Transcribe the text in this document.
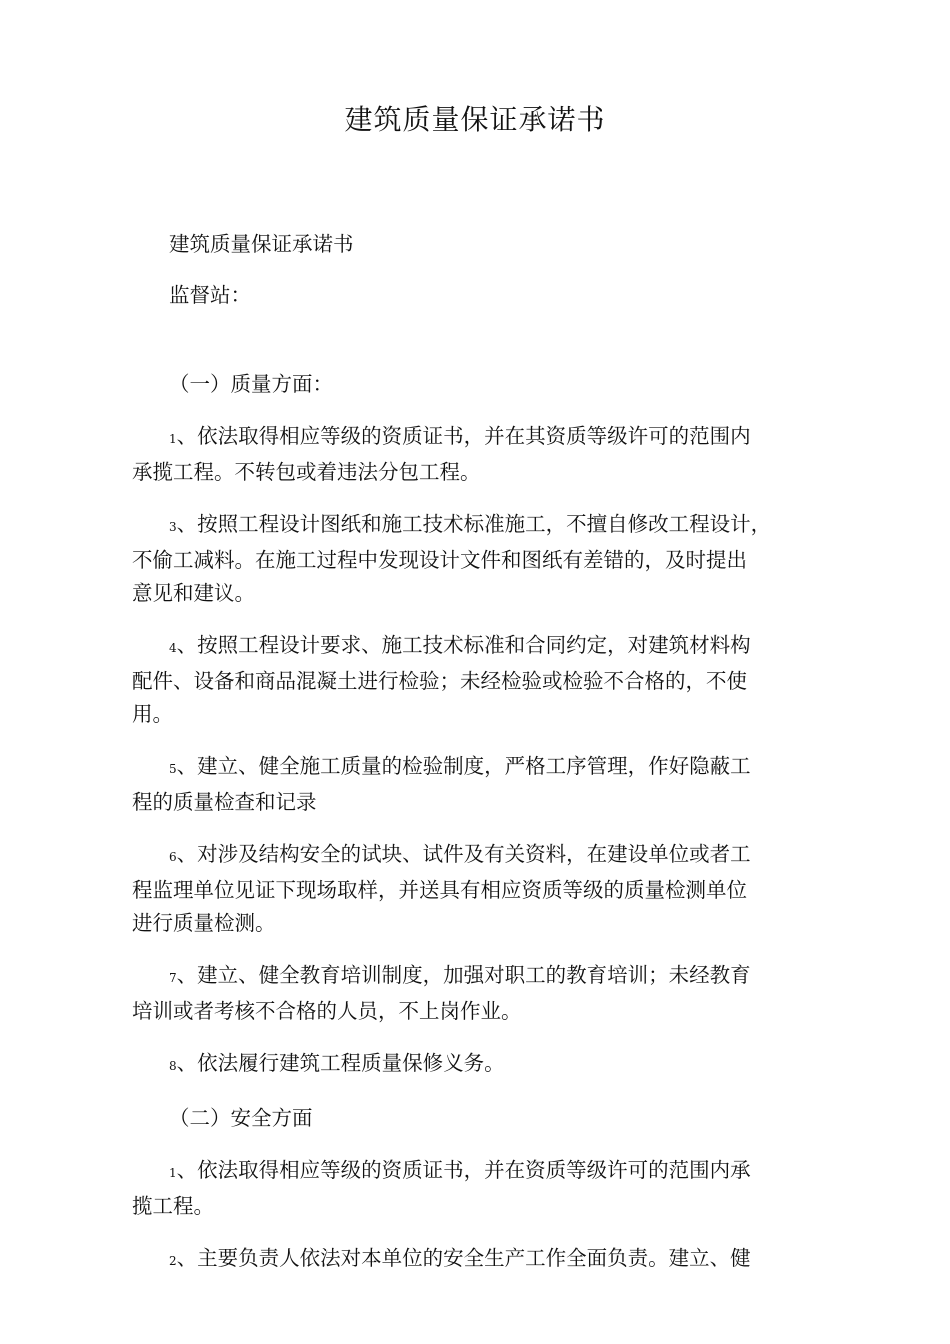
建筑质量保证承诺书

建筑质量保证承诺书

监督站：

（一）质量方面：

1、依法取得相应等级的资质证书，并在其资质等级许可的范围内

承揽工程。不转包或着违法分包工程。

3、按照工程设计图纸和施工技术标准施工，不擅自修改工程设计，

不偷工减料。在施工过程中发现设计文件和图纸有差错的，及时提出

意见和建议。

4、按照工程设计要求、施工技术标准和合同约定，对建筑材料构

配件、设备和商品混凝土进行检验；未经检验或检验不合格的，不使

用。

5、建立、健全施工质量的检验制度，严格工序管理，作好隐蔽工

程的质量检查和记录

6、对涉及结构安全的试块、试件及有关资料，在建设单位或者工

程监理单位见证下现场取样，并送具有相应资质等级的质量检测单位

进行质量检测。

7、建立、健全教育培训制度，加强对职工的教育培训；未经教育

培训或者考核不合格的人员，不上岗作业。

8、依法履行建筑工程质量保修义务。

（二）安全方面

1、依法取得相应等级的资质证书，并在资质等级许可的范围内承

揽工程。

2、主要负责人依法对本单位的安全生产工作全面负责。建立、健
